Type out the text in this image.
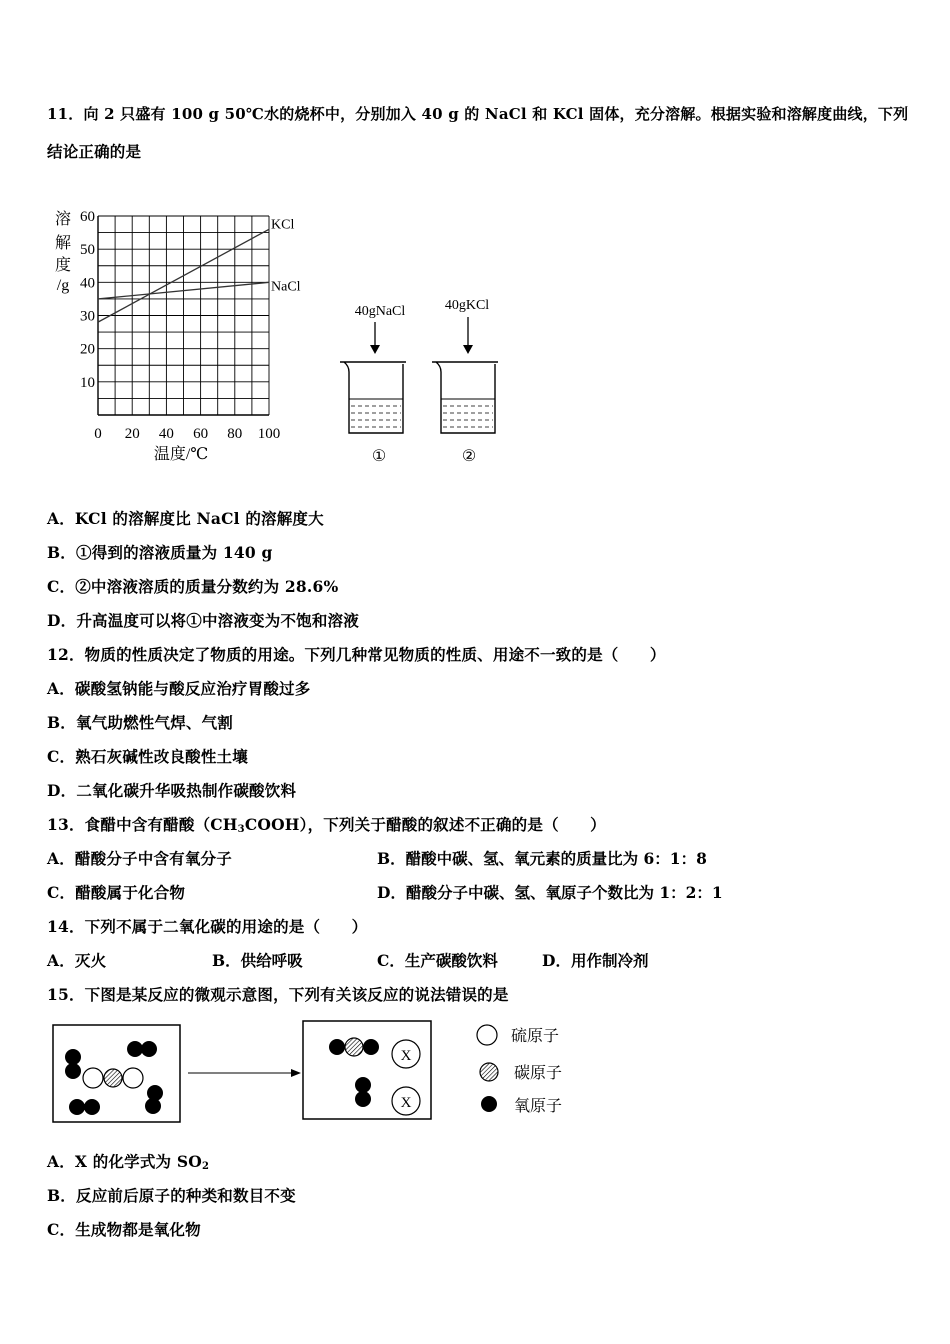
11．向 2 只盛有 100 g 50℃水的烧杯中，分别加入 40 g 的 NaCl 和 KCl 固体，充分溶解。根据实验和溶解度曲线，下列
结论正确的是
溶
解
度
/g
10
20
30
40
50
60
0 20 40 60 80 100
KCl
NaCl
温度/℃
40gNaCl	40gKCl
①	②
A．KCl 的溶解度比 NaCl 的溶解度大
B．①得到的溶液质量为 140 g
C．②中溶液溶质的质量分数约为 28.6%
D．升高温度可以将①中溶液变为不饱和溶液
12．物质的性质决定了物质的用途。下列几种常见物质的性质、用途不一致的是（　　）
A．碳酸氢钠能与酸反应治疗胃酸过多
B．氧气助燃性气焊、气割
C．熟石灰碱性改良酸性土壤
D．二氧化碳升华吸热制作碳酸饮料
13．食醋中含有醋酸$(CH_3COOH)$，下列关于醋酸的叙述不正确的是（　　）
A．醋酸分子中含有氧分子	B．醋酸中碳、氢、氧元素的质量比为 6：1：8
C．醋酸属于化合物	D．醋酸分子中碳、氢、氧原子个数比为 1：2：1
14．下列不属于二氧化碳的用途的是（　　）
A．灭火	B．供给呼吸	C．生产碳酸饮料	D．用作制冷剂
15．下图是某反应的微观示意图，下列有关该反应的说法错误的是
X
X
硫原子
碳原子
氧原子
A．X 的化学式为 $SO_2$
B．反应前后原子的种类和数目不变
C．生成物都是氧化物
